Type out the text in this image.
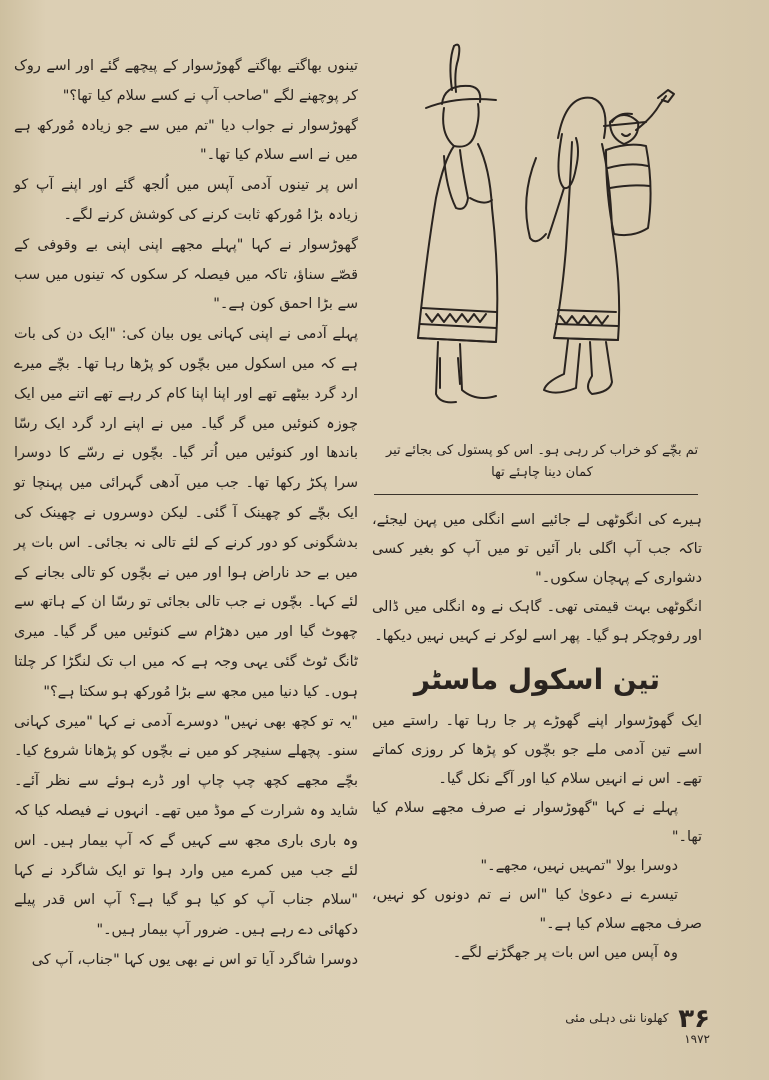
تینوں بھاگتے بھاگتے گھوڑسوار کے پیچھے گئے اور اسے روک کر پوچھنے لگے "صاحب آپ نے کسے سلام کیا تھا؟"

گھوڑسوار نے جواب دیا "تم میں سے جو زیادہ مُورکھ ہے میں نے اسے سلام کیا تھا۔"

اس پر تینوں آدمی آپس میں اُلجھ گئے اور اپنے آپ کو زیادہ بڑا مُورکھ ثابت کرنے کی کوشش کرنے لگے۔

گھوڑسوار نے کہا "پہلے مجھے اپنی اپنی بے وقوفی کے قصّے سناؤ، تاکہ میں فیصلہ کر سکوں کہ تینوں میں سب سے بڑا احمق کون ہے۔"

پہلے آدمی نے اپنی کہانی یوں بیان کی: "ایک دن کی بات ہے کہ میں اسکول میں بچّوں کو پڑھا رہا تھا۔ بچّے میرے ارد گرد بیٹھے تھے اور اپنا اپنا کام کر رہے تھے اتنے میں ایک چوزہ کنوئیں میں گر گیا۔ میں نے اپنے ارد گرد ایک رسّا باندھا اور کنوئیں میں اُتر گیا۔ بچّوں نے رسّے کا دوسرا سرا پکڑ رکھا تھا۔ جب میں آدھی گہرائی میں پہنچا تو ایک بچّے کو چھینک آ گئی۔ لیکن دوسروں نے چھینک کی بدشگونی کو دور کرنے کے لئے تالی نہ بجائی۔ اس بات پر میں بے حد ناراض ہوا اور میں نے بچّوں کو تالی بجانے کے لئے کہا۔ بچّوں نے جب تالی بجائی تو رسّا ان کے ہاتھ سے چھوٹ گیا اور میں دھڑام سے کنوئیں میں گر گیا۔ میری ٹانگ ٹوٹ گئی یہی وجہ ہے کہ میں اب تک لنگڑا کر چلتا ہوں۔ کیا دنیا میں مجھ سے بڑا مُورکھ ہو سکتا ہے؟"

"یہ تو کچھ بھی نہیں" دوسرے آدمی نے کہا "میری کہانی سنو۔ پچھلے سنیچر کو میں نے بچّوں کو پڑھانا شروع کیا۔ بچّے مجھے کچھ چپ چاپ اور ڈرے ہوئے سے نظر آئے۔ شاید وہ شرارت کے موڈ میں تھے۔ انہوں نے فیصلہ کیا کہ وہ باری باری مجھ سے کہیں گے کہ آپ بیمار ہیں۔ اس لئے جب میں کمرے میں وارد ہوا تو ایک شاگرد نے کہا "سلام جناب آپ کو کیا ہو گیا ہے؟ آپ اس قدر پیلے دکھائی دے رہے ہیں۔ ضرور آپ بیمار ہیں۔"

دوسرا شاگرد آیا تو اس نے بھی یوں کہا "جناب، آپ کی

تم بچّے کو خراب کر رہی ہو۔ اس کو پستول کی بجائے تیر کمان دینا چاہئے تھا

ہیرے کی انگوٹھی لے جائیے اسے انگلی میں پہن لیجئے، تاکہ جب آپ اگلی بار آئیں تو میں آپ کو بغیر کسی دشواری کے پہچان سکوں۔"

انگوٹھی بہت قیمتی تھی۔ گاہک نے وہ انگلی میں ڈالی اور رفوچکر ہو گیا۔ پھر اسے لوکر نے کہیں نہیں دیکھا۔

تین اسکول ماسٹر

ایک گھوڑسوار اپنے گھوڑے پر جا رہا تھا۔ راستے میں اسے تین آدمی ملے جو بچّوں کو پڑھا کر روزی کماتے تھے۔ اس نے انہیں سلام کیا اور آگے نکل گیا۔

پہلے نے کہا "گھوڑسوار نے صرف مجھے سلام کیا تھا۔"

دوسرا بولا "تمہیں نہیں، مجھے۔"

تیسرے نے دعویٰ کیا "اس نے تم دونوں کو نہیں، صرف مجھے سلام کیا ہے۔"

وہ آپس میں اس بات پر جھگڑنے لگے۔

۳۶ کھلونا نئی دہلی مئی ۱۹۷۲
